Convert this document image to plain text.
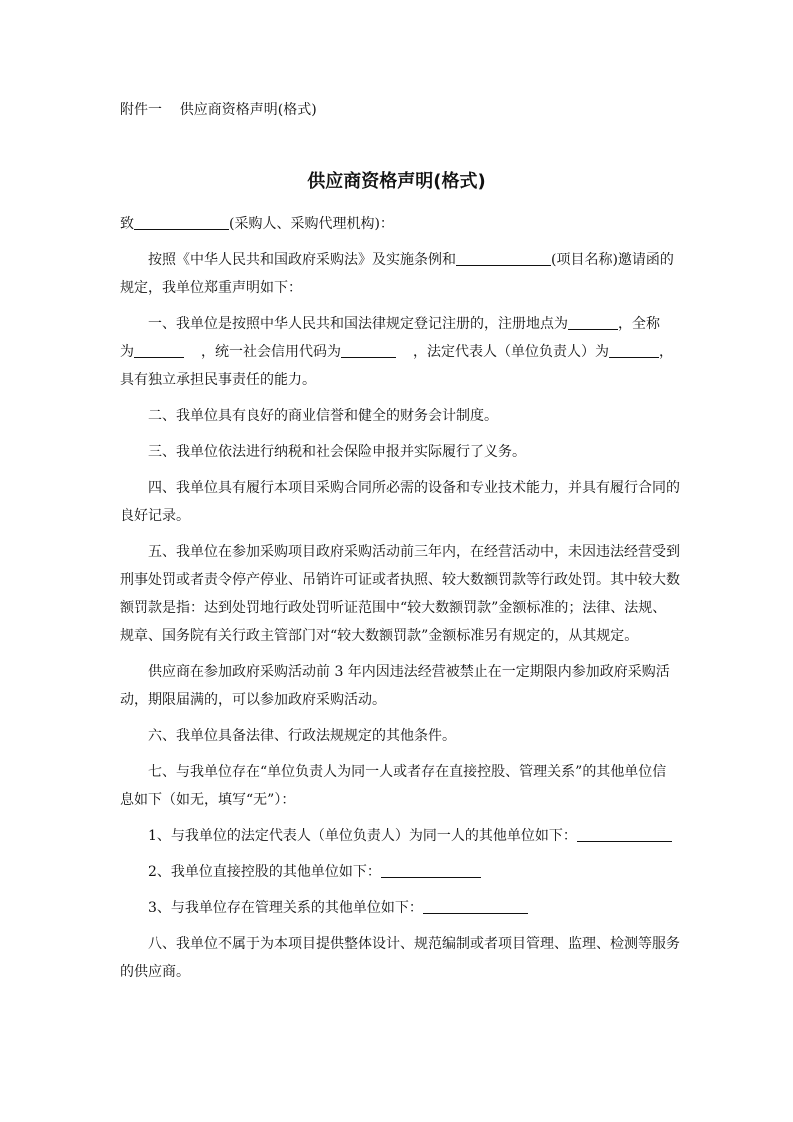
附件一    供应商资格声明(格式)
供应商资格声明(格式)
致	(采购人、采购代理机构)：
按照《中华人民共和国政府采购法》及实施条例和	(项目名称)邀请函的
规定，我单位郑重声明如下：
一、我单位是按照中华人民共和国法律规定登记注册的，注册地点为	，全称
为	，统一社会信用代码为	，法定代表人（单位负责人）为	，
具有独立承担民事责任的能力。
二、我单位具有良好的商业信誉和健全的财务会计制度。
三、我单位依法进行纳税和社会保险申报并实际履行了义务。
四、我单位具有履行本项目采购合同所必需的设备和专业技术能力，并具有履行合同的
良好记录。
五、我单位在参加采购项目政府采购活动前三年内，在经营活动中，未因违法经营受到
刑事处罚或者责令停产停业、吊销许可证或者执照、较大数额罚款等行政处罚。其中较大数
额罚款是指：达到处罚地行政处罚听证范围中“较大数额罚款”金额标准的；法律、法规、
规章、国务院有关行政主管部门对“较大数额罚款”金额标准另有规定的，从其规定。
供应商在参加政府采购活动前 3 年内因违法经营被禁止在一定期限内参加政府采购活
动，期限届满的，可以参加政府采购活动。
六、我单位具备法律、行政法规规定的其他条件。
七、与我单位存在“单位负责人为同一人或者存在直接控股、管理关系”的其他单位信
息如下（如无，填写“无”）：
1、与我单位的法定代表人（单位负责人）为同一人的其他单位如下：
2、我单位直接控股的其他单位如下：
3、与我单位存在管理关系的其他单位如下：
八、我单位不属于为本项目提供整体设计、规范编制或者项目管理、监理、检测等服务
的供应商。
